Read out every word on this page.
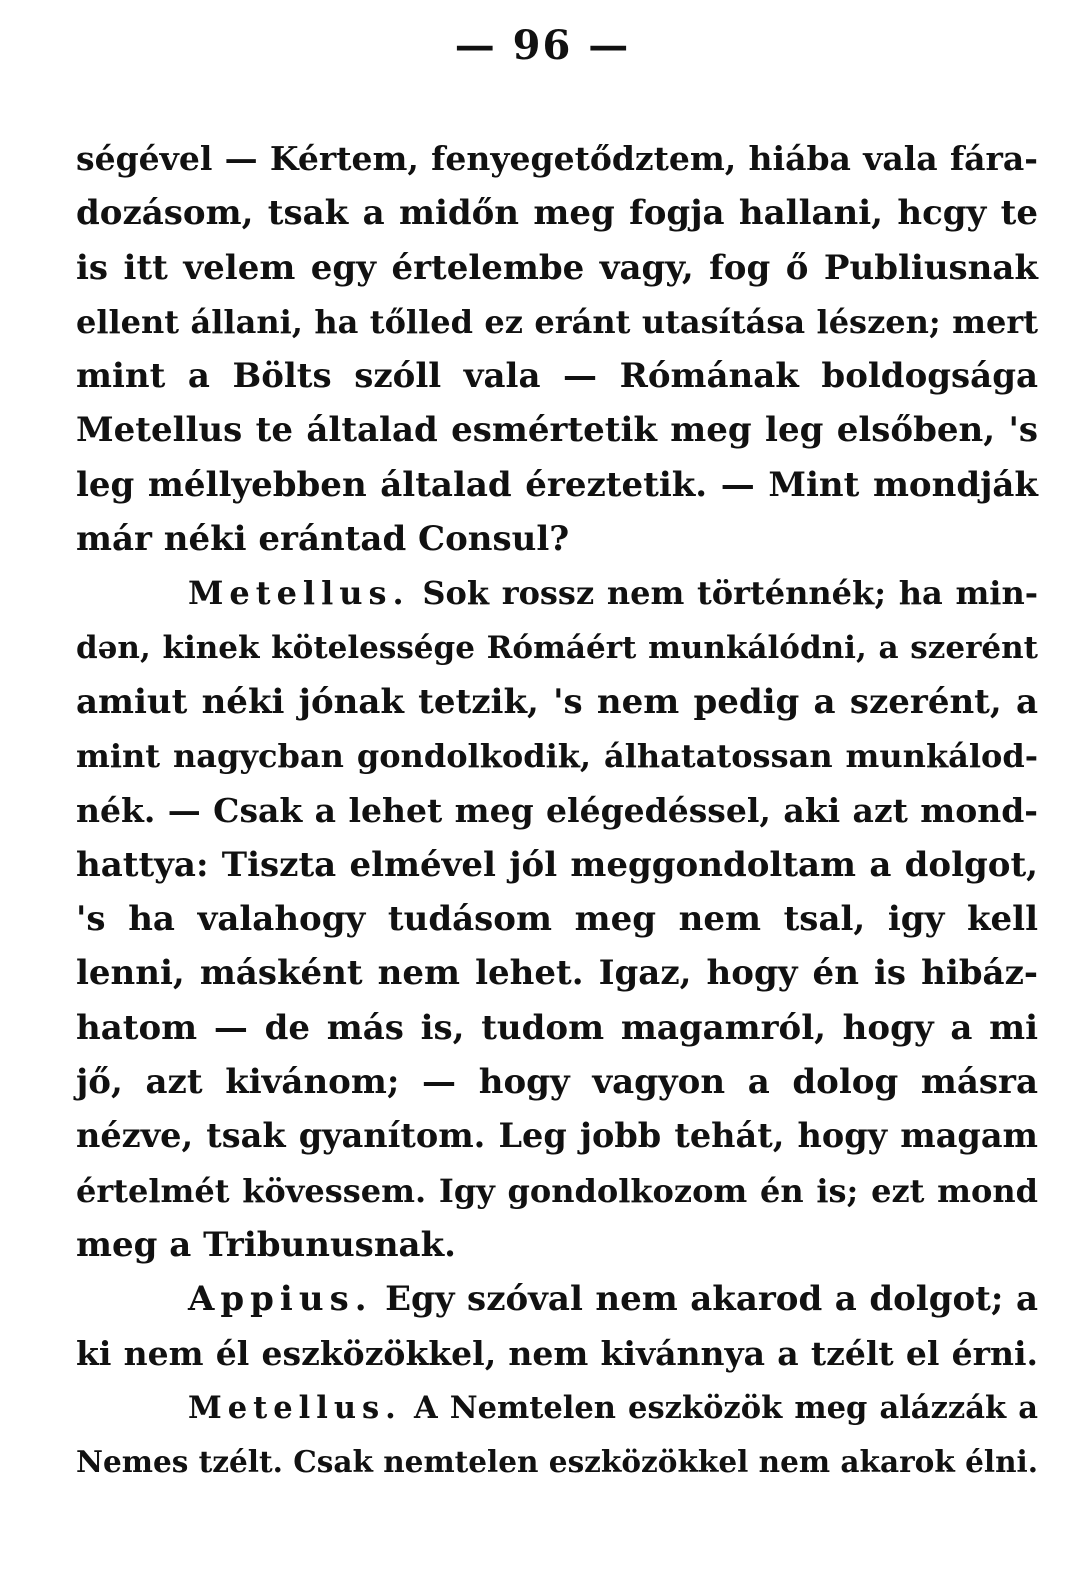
— 96 —
ségével — Kértem, fenyegetődztem, hiába vala fára-
dozásom, tsak a midőn meg fogja hallani, hcgy te
is itt velem egy értelembe vagy, fog ő Publiusnak
ellent állani, ha tőlled ez eránt utasítása lészen; mert
mint a Bölts szóll vala — Rómának boldogsága
Metellus te általad esmértetik meg leg elsőben, 's
leg méllyebben általad éreztetik. — Mint mondják
már néki erántad Consul?
Metellus. Sok rossz nem történnék; ha min-
dən, kinek kötelessége Rómáért munkálódni, a szerént
amiut néki jónak tetzik, 's nem pedig a szerént, a
mint nagycban gondolkodik, álhatatossan munkálod-
nék. — Csak a lehet meg elégedéssel, aki azt mond-
hattya: Tiszta elmével jól meggondoltam a dolgot,
's ha valahogy tudásom meg nem tsal, igy kell
lenni, másként nem lehet. Igaz, hogy én is hibáz-
hatom — de más is, tudom magamról, hogy a mi
jő, azt kivánom; — hogy vagyon a dolog másra
nézve, tsak gyanítom. Leg jobb tehát, hogy magam
értelmét kövessem. Igy gondolkozom én is; ezt mond
meg a Tribunusnak.
Appius. Egy szóval nem akarod a dolgot; a
ki nem él eszközökkel, nem kivánnya a tzélt el érni.
Metellus. A Nemtelen eszközök meg alázzák a
Nemes tzélt. Csak nemtelen eszközökkel nem akarok élni.
